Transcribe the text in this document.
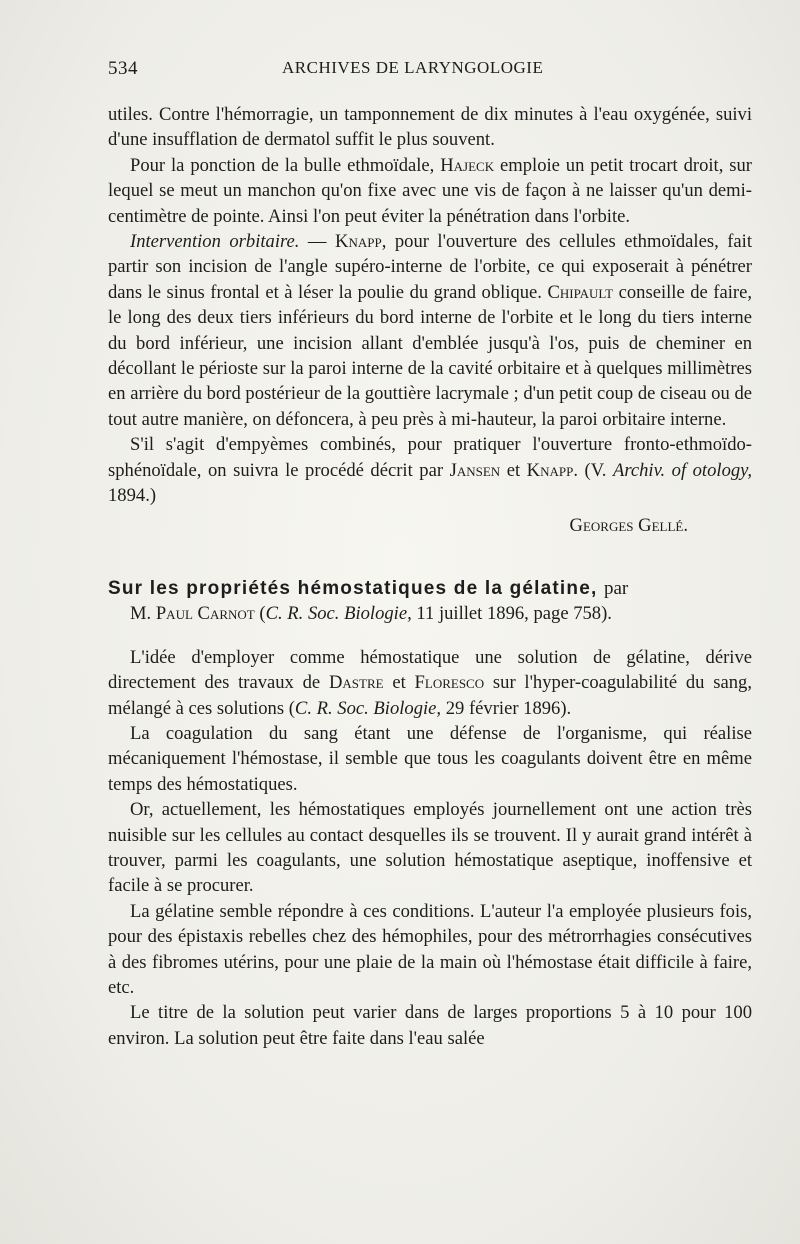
534	ARCHIVES DE LARYNGOLOGIE

utiles. Contre l'hémorragie, un tamponnement de dix minutes à l'eau oxygénée, suivi d'une insufflation de dermatol suffit le plus souvent.

Pour la ponction de la bulle ethmoïdale, Hajeck emploie un petit trocart droit, sur lequel se meut un manchon qu'on fixe avec une vis de façon à ne laisser qu'un demi-centimètre de pointe. Ainsi l'on peut éviter la pénétration dans l'orbite.

Intervention orbitaire. — Knapp, pour l'ouverture des cellules ethmoïdales, fait partir son incision de l'angle supéro-interne de l'orbite, ce qui exposerait à pénétrer dans le sinus frontal et à léser la poulie du grand oblique. Chipault conseille de faire, le long des deux tiers inférieurs du bord interne de l'orbite et le long du tiers interne du bord inférieur, une incision allant d'emblée jusqu'à l'os, puis de cheminer en décollant le périoste sur la paroi interne de la cavité orbitaire et à quelques millimètres en arrière du bord postérieur de la gouttière lacrymale ; d'un petit coup de ciseau ou de tout autre manière, on défoncera, à peu près à mi-hauteur, la paroi orbitaire interne.

S'il s'agit d'empyèmes combinés, pour pratiquer l'ouverture fronto-ethmoïdo-sphénoïdale, on suivra le procédé décrit par Jansen et Knapp. (V. Archiv. of otology, 1894.)

Georges Gellé.

Sur les propriétés hémostatiques de la gélatine, par

M. Paul Carnot (C. R. Soc. Biologie, 11 juillet 1896, page 758).

L'idée d'employer comme hémostatique une solution de gélatine, dérive directement des travaux de Dastre et Floresco sur l'hyper-coagulabilité du sang, mélangé à ces solutions (C. R. Soc. Biologie, 29 février 1896).

La coagulation du sang étant une défense de l'organisme, qui réalise mécaniquement l'hémostase, il semble que tous les coagulants doivent être en même temps des hémostatiques.

Or, actuellement, les hémostatiques employés journellement ont une action très nuisible sur les cellules au contact desquelles ils se trouvent. Il y aurait grand intérêt à trouver, parmi les coagulants, une solution hémostatique aseptique, inoffensive et facile à se procurer.

La gélatine semble répondre à ces conditions. L'auteur l'a employée plusieurs fois, pour des épistaxis rebelles chez des hémophiles, pour des métrorrhagies consécutives à des fibromes utérins, pour une plaie de la main où l'hémostase était difficile à faire, etc.

Le titre de la solution peut varier dans de larges proportions 5 à 10 pour 100 environ. La solution peut être faite dans l'eau salée
